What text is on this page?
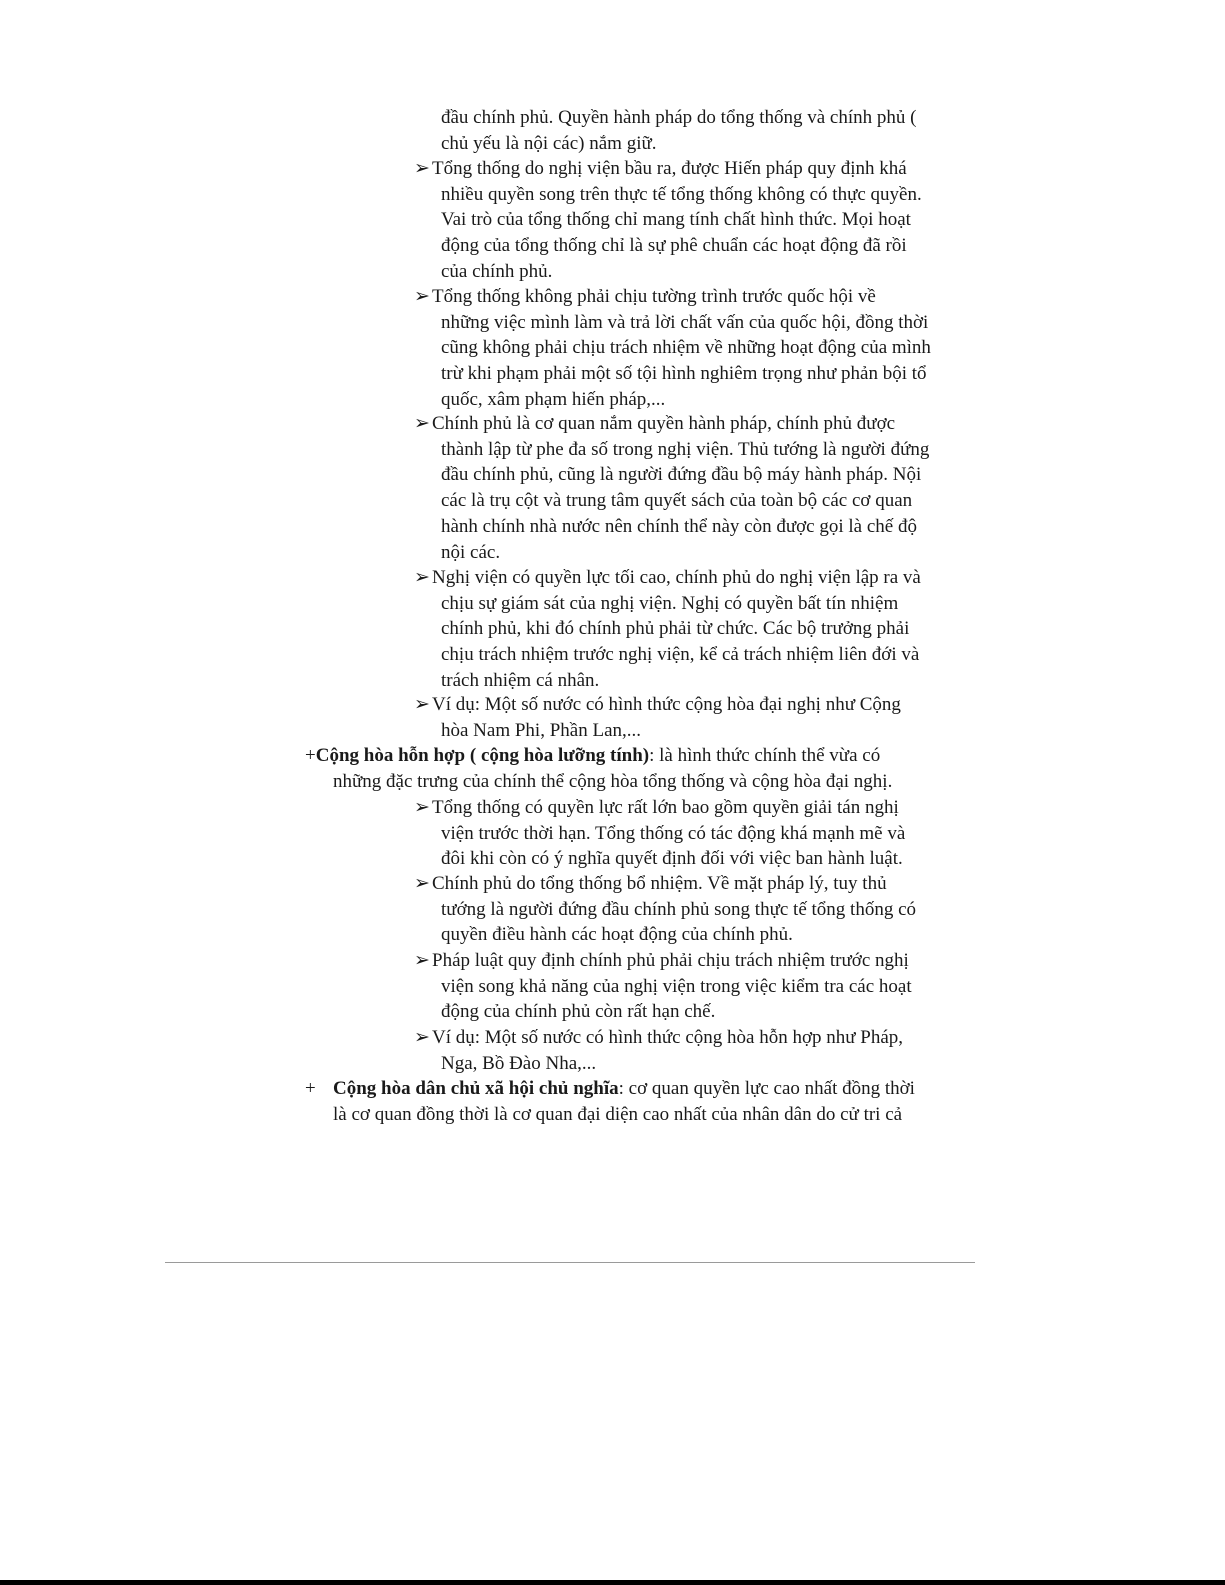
đầu chính phủ. Quyền hành pháp do tổng thống và chính phủ (
chủ yếu là nội các) nắm giữ.
➢ Tổng thống do nghị viện bầu ra, được Hiến pháp quy định khá
nhiều quyền song trên thực tế tổng thống không có thực quyền.
Vai trò của tổng thống chỉ mang tính chất hình thức. Mọi hoạt
động của tổng thống chỉ là sự phê chuẩn các hoạt động đã rồi
của chính phủ.
➢ Tổng thống không phải chịu tường trình trước quốc hội về
những việc mình làm và trả lời chất vấn của quốc hội, đồng thời
cũng không phải chịu trách nhiệm về những hoạt động của mình
trừ khi phạm phải một số tội hình nghiêm trọng như phản bội tổ
quốc, xâm phạm hiến pháp,...
➢ Chính phủ là cơ quan nắm quyền hành pháp, chính phủ được
thành lập từ phe đa số trong nghị viện. Thủ tướng là người đứng
đầu chính phủ, cũng là người đứng đầu bộ máy hành pháp. Nội
các là trụ cột và trung tâm quyết sách của toàn bộ các cơ quan
hành chính nhà nước nên chính thể này còn được gọi là chế độ
nội các.
➢ Nghị viện có quyền lực tối cao, chính phủ do nghị viện lập ra và
chịu sự giám sát của nghị viện. Nghị có quyền bất tín nhiệm
chính phủ, khi đó chính phủ phải từ chức. Các bộ trưởng phải
chịu trách nhiệm trước nghị viện, kể cả trách nhiệm liên đới và
trách nhiệm cá nhân.
➢ Ví dụ: Một số nước có hình thức cộng hòa đại nghị như Cộng
hòa Nam Phi, Phần Lan,...
+Cộng hòa hỗn hợp ( cộng hòa lưỡng tính): là hình thức chính thể vừa có
những đặc trưng của chính thể cộng hòa tổng thống và cộng hòa đại nghị.
➢ Tổng thống có quyền lực rất lớn bao gồm quyền giải tán nghị
viện trước thời hạn. Tổng thống có tác động khá mạnh mẽ và
đôi khi còn có ý nghĩa quyết định đối với việc ban hành luật.
➢ Chính phủ do tổng thống bổ nhiệm. Về mặt pháp lý, tuy thủ
tướng là người đứng đầu chính phủ song thực tế tổng thống có
quyền điều hành các hoạt động của chính phủ.
➢ Pháp luật quy định chính phủ phải chịu trách nhiệm trước nghị
viện song khả năng của nghị viện trong việc kiểm tra các hoạt
động của chính phủ còn rất hạn chế.
➢ Ví dụ: Một số nước có hình thức cộng hòa hỗn hợp như Pháp,
Nga, Bồ Đào Nha,...
+ Cộng hòa dân chủ xã hội chủ nghĩa: cơ quan quyền lực cao nhất đồng thời
là cơ quan đồng thời là cơ quan đại diện cao nhất của nhân dân do cử tri cả
